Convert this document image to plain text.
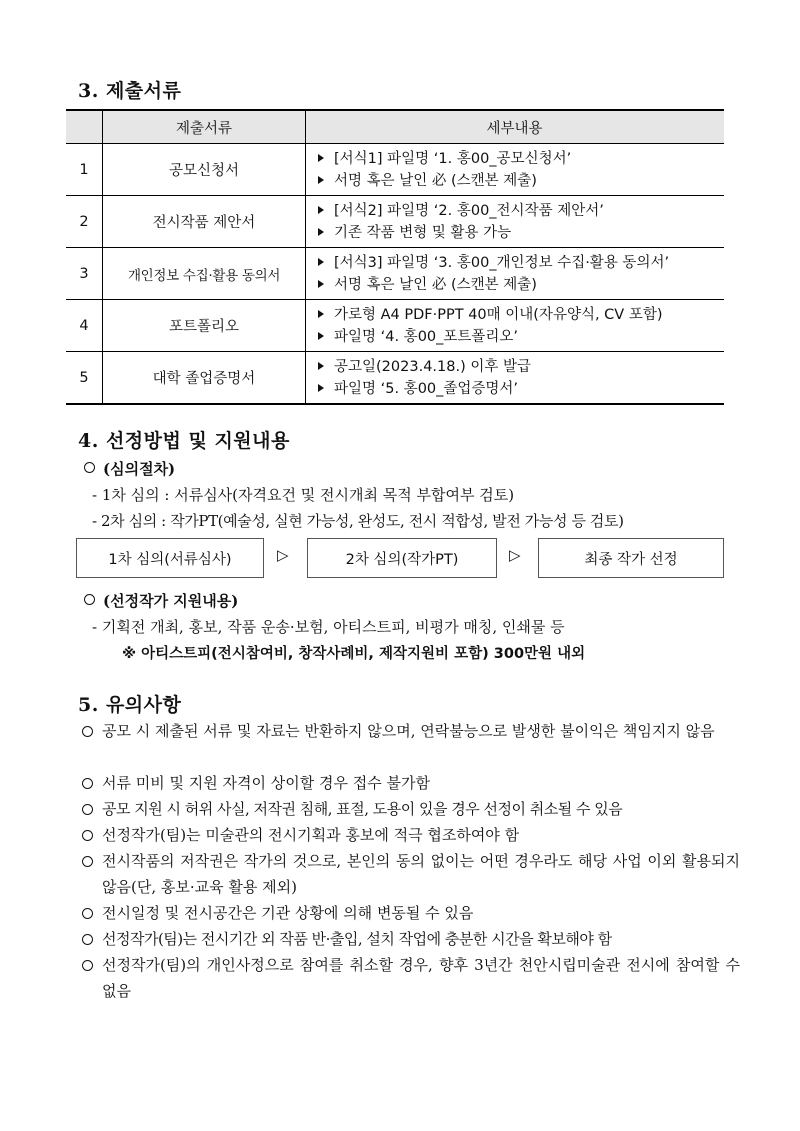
3. 제출서류
	제출서류	세부내용
1	공모신청서	[서식1] 파일명 ‘1. 홍00_공모신청서’
서명 혹은 날인 必 (스캔본 제출)

2	전시작품 제안서	[서식2] 파일명 ‘2. 홍00_전시작품 제안서’
기존 작품 변형 및 활용 가능

3	개인정보 수집·활용 동의서	[서식3] 파일명 ‘3. 홍00_개인정보 수집·활용 동의서’
서명 혹은 날인 必 (스캔본 제출)

4	포트폴리오	가로형 A4 PDF·PPT 40매 이내(자유양식, CV 포함)
파일명 ‘4. 홍00_포트폴리오’

5	대학 졸업증명서	공고일(2023.4.18.) 이후 발급
파일명 ‘5. 홍00_졸업증명서’
4. 선정방법 및 지원내용
(심의절차)
- 1차 심의 : 서류심사(자격요건 및 전시개최 목적 부합여부 검토)
- 2차 심의 : 작가PT(예술성, 실현 가능성, 완성도, 전시 적합성, 발전 가능성 등 검토)
1차 심의(서류심사)	▷	2차 심의(작가PT)	▷	최종 작가 선정
(선정작가 지원내용)
- 기획전 개최, 홍보, 작품 운송·보험, 아티스트피, 비평가 매칭, 인쇄물 등
※ 아티스트피(전시참여비, 창작사례비, 제작지원비 포함) 300만원 내외
5. 유의사항
공모 시 제출된 서류 및 자료는 반환하지 않으며, 연락불능으로 발생한 불이익은 책임지지 않음
서류 미비 및 지원 자격이 상이할 경우 접수 불가함
공모 지원 시 허위 사실, 저작권 침해, 표절, 도용이 있을 경우 선정이 취소될 수 있음
선정작가(팀)는 미술관의 전시기획과 홍보에 적극 협조하여야 함
전시작품의 저작권은 작가의 것으로, 본인의 동의 없이는 어떤 경우라도 해당 사업 이외 활용되지 않음(단, 홍보·교육 활용 제외)
전시일정 및 전시공간은 기관 상황에 의해 변동될 수 있음
선정작가(팀)는 전시기간 외 작품 반·출입, 설치 작업에 충분한 시간을 확보해야 함
선정작가(팀)의 개인사정으로 참여를 취소할 경우, 향후 3년간 천안시립미술관 전시에 참여할 수 없음
